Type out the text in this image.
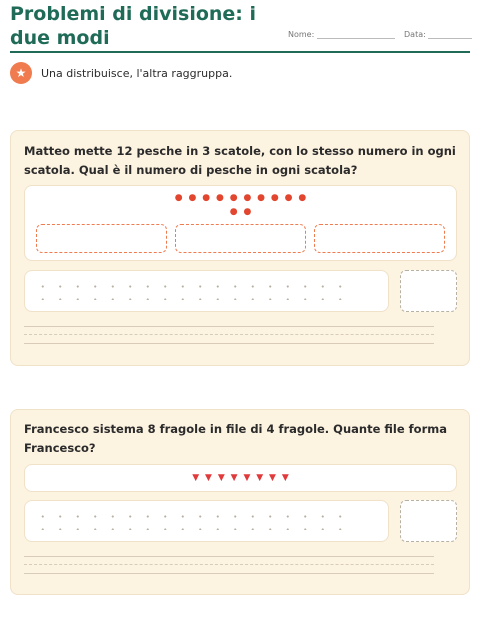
Problemi di divisione: i due modi	Nome:	Data:
★	Una distribuisce, l'altra raggruppa.
Matteo mette 12 pesche in 3 scatole, con lo stesso numero in ogni scatola. Qual è il numero di pesche in ogni scatola?
● ● ● ● ● ● ● ● ● ●
● ●
Francesco sistema 8 fragole in file di 4 fragole. Quante file forma Francesco?
▼ ▼ ▼ ▼ ▼ ▼ ▼ ▼
